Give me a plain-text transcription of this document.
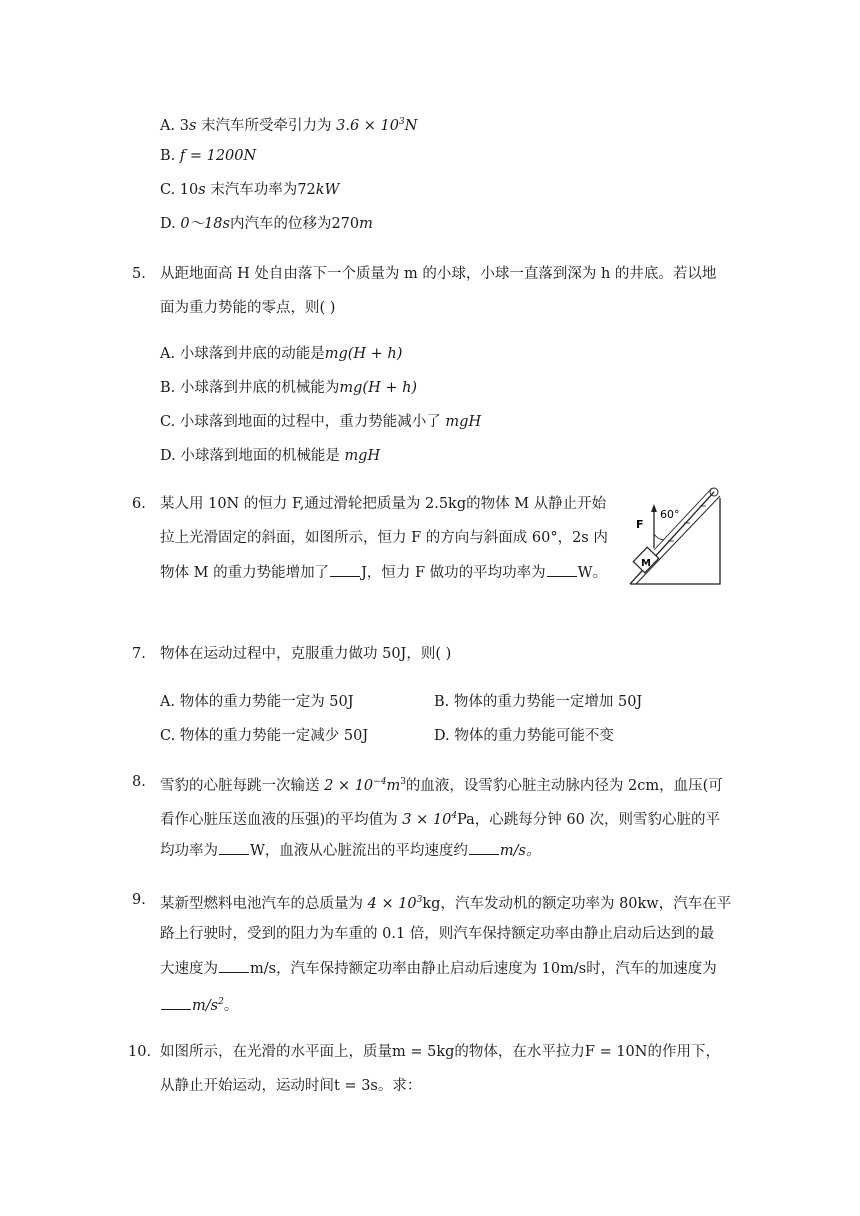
A. 3s 末汽车所受牵引力为 $3.6 \times 10^3N$
B. f = 1200N
C. 10s 末汽车功率为72kW
D. 0～18s内汽车的位移为270m
5. 从距地面高 H 处自由落下一个质量为 m 的小球，小球一直落到深为 h 的井底。若以地
面为重力势能的零点，则( )
A. 小球落到井底的动能是mg(H + h)
B. 小球落到井底的机械能为mg(H + h)
C. 小球落到地面的过程中，重力势能减小了 mgH
D. 小球落到地面的机械能是 mgH
6. 某人用 10N 的恒力 F,通过滑轮把质量为 2.5kg的物体 M 从静止开始
拉上光滑固定的斜面，如图所示，恒力 F 的方向与斜面成 60°，2s 内
物体 M 的重力势能增加了 J，恒力 F 做功的平均功率为 W。
M
F
60°
7. 物体在运动过程中，克服重力做功 50J，则( )
A. 物体的重力势能一定为 50J	B. 物体的重力势能一定增加 50J
C. 物体的重力势能一定减少 50J	D. 物体的重力势能可能不变
8. 雪豹的心脏每跳一次输送 $2 \times 10^{-4}m^3$的血液，设雪豹心脏主动脉内径为 2cm，血压(可
看作心脏压送血液的压强)的平均值为 $3 \times 10^4Pa$，心跳每分钟 60 次，则雪豹心脏的平
均功率为 W，血液从心脏流出的平均速度约 m/s。
9. 某新型燃料电池汽车的总质量为 $4 \times 10^3kg$，汽车发动机的额定功率为 80kw，汽车在平
路上行驶时，受到的阻力为车重的 0.1 倍，则汽车保持额定功率由静止启动后达到的最
大速度为 m/s，汽车保持额定功率由静止启动后速度为 10m/s时，汽车的加速度为
$m/s^2$。
10. 如图所示，在光滑的水平面上，质量m = 5kg的物体，在水平拉力F = 10N的作用下，
从静止开始运动，运动时间t = 3s。求：
